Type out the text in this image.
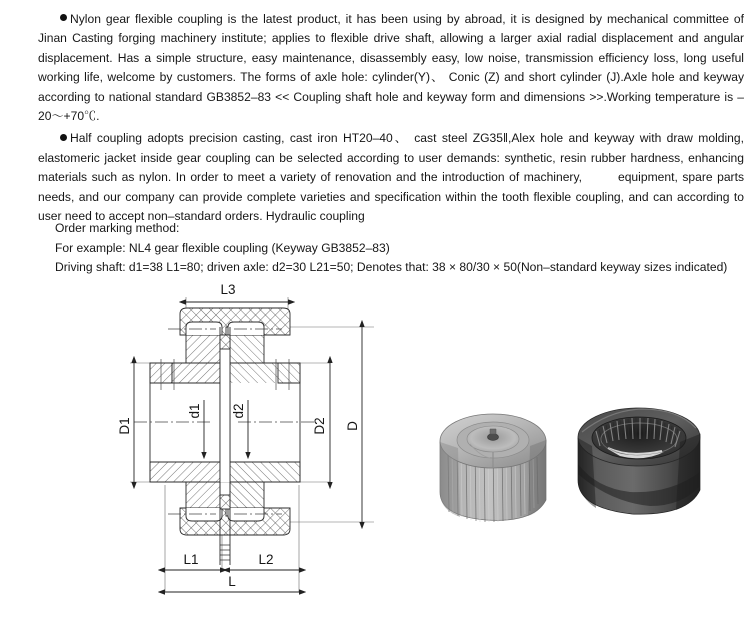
Nylon gear flexible coupling is the latest product, it has been using by abroad, it is designed by mechanical committee of Jinan Casting forging machinery institute; applies to flexible drive shaft, allowing a larger axial radial displacement and angular displacement. Has a simple structure, easy maintenance, disassembly easy, low noise, transmission efficiency loss, long useful working life, welcome by customers. The forms of axle hole: cylinder(Y)、 Conic (Z) and short cylinder (J).Axle hole and keyway according to national standard GB3852–83 << Coupling shaft hole and keyway form and dimensions >>.Working temperature is –20～+70℃.

Half coupling adopts precision casting, cast iron HT20–40、 cast steel ZG35‖,Alex hole and keyway with draw molding, elastomeric jacket inside gear coupling can be selected according to user demands: synthetic, resin rubber hardness, enhancing materials such as nylon. In order to meet a variety of renovation and the introduction of machinery,	equipment, spare parts needs, and our company can provide complete varieties and specification within the tooth flexible coupling, and can according to user need to accept non–standard orders. Hydraulic coupling

Order marking method:
For example: NL4 gear flexible coupling (Keyway GB3852–83)
Driving shaft: d1=38 L1=80; driven axle: d2=30 L21=50; Denotes that: 38 × 80/30 × 50(Non–standard keyway sizes indicated)
L3
D1	D2 D
d1 d2
L1	L2
L
